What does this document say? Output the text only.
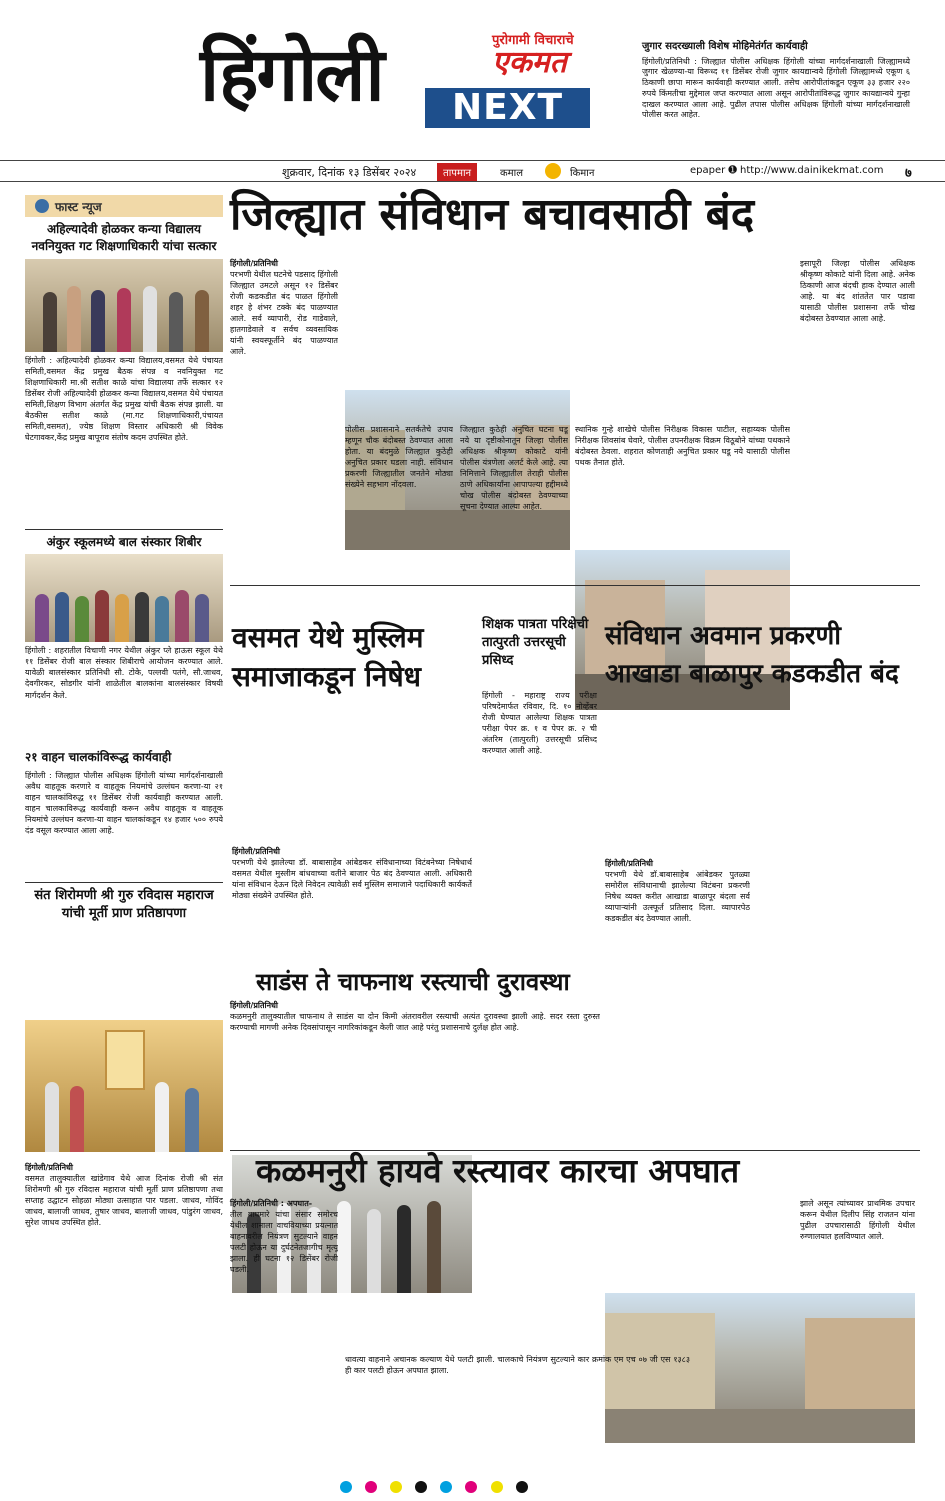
हिंगोली	पुरोगामी विचाराचे
एकमत
NEXT
जुगार सदरख्याली विशेष मोहिमेतंर्गत कार्यवाही

हिंगोली/प्रतिनिधी : जिल्ह्यात पोलीस अधिक्षक हिंगोली यांच्या मार्गदर्शनाखाली जिल्ह्यामध्ये जुगार खेळण्या-या विरूध्द ११ डिसेंबर रोजी जुगार कायद्यान्वये हिंगोली जिल्ह्यामध्ये एकूण ६ ठिकाणी छापा मारून कार्यवाही करण्यात आली. तसेच आरोपीतांकडून एकूण ३३ हजार २२० रुपये किंमतीचा मुद्देमाल जप्त करण्यात आला असून आरोपीतांविरूद्ध जुगार कायद्यान्वये गुन्हा दाखल करण्यात आला आहे. पुढील तपास पोलीस अधिक्षक हिंगोली यांच्या मार्गदर्शनाखाली पोलीस करत आहेत.

शुक्रवार, दिनांक १३ डिसेंबर २०२४	तापमान	कमाल	किमान	epaper ➊ http://www.dainikekmat.com ७
फास्ट न्यूज
अहिल्यादेवी होळकर कन्या विद्यालय नवनियुक्त गट शिक्षणाधिकारी यांचा सत्कार

हिंगोली : अहिल्यादेवी होळकर कन्या विद्यालय,वसमत येथे पंचायत समिती,वसमत केंद्र प्रमुख बैठक संपन्न व नवनियुक्त गट शिक्षणाधिकारी मा.श्री सतीश काळे यांचा विद्यालया तर्फे सत्कार १२ डिसेंबर रोजी अहिल्यादेवी होळकर कन्या विद्यालय,वसमत येथे पंचायत समिती,शिक्षण विभाग अंतर्गत केंद्र प्रमुख यांची बैठक संपन्न झाली. या बैठकीस सतीश काळे (मा.गट शिक्षणाधिकारी,पंचायत समिती,वसमत), ज्येष्ठ शिक्षण विस्तार अधिकारी श्री विवेक घेटगावकर,केंद्र प्रमुख बापूराव संतोष कदम उपस्थित होते.

अंकुर स्कूलमध्ये बाल संस्कार शिबीर

हिंगोली : शहरातील विचाणी नगर येथील अंकुर प्ले हाऊस स्कूल येथे ११ डिसेंबर रोजी बाल संस्कार शिबीराचे आयोजन करण्यात आले. यावेळी बालसंस्कार प्रतिनिधी सौ. टोके, पल्लवी पतंगे, सौ.जाधव, देवगीरकर, सोडगीर यांनी शाळेतील बालकांना बालसंस्कार विषयी मार्गदर्शन केले.

२१ वाहन चालकांविरूद्ध कार्यवाही

हिंगोली : जिल्ह्यात पोलीस अधिक्षक हिंगोली यांच्या मार्गदर्शनाखाली अवैध वाहतूक करणारे व वाहतूक नियमांचे उल्लंघन करणा-या २१ वाहन चालकांविरुद्ध ११ डिसेंबर रोजी कार्यवाही करण्यात आली. वाहन चालकाविरूद्ध कार्यवाही करून अवैध वाहतूक व वाहतूक नियमांचे उल्लंघन करणा-या वाहन चालकांकडून १४ हजार ५०० रुपये दंड वसूल करण्यात आला आहे.

संत शिरोमणी श्री गुरु रविदास महाराज यांची मूर्ती प्राण प्रतिष्ठापणा
हिंगोली/प्रतिनिधी

वसमत तालुक्यातील खांडेगाव येथे आज दिनांक रोजी श्री संत शिरोमणी श्री गुरु रविदास महाराज यांची मूर्ती प्राण प्रतिष्ठापणा तथा सप्ताह उद्घाटन सोहळा मोठ्या उत्साहात पार पडला. जाधव, गोविंद जाधव, बालाजी जाधव, तुषार जाधव, बालाजी जाधव, पांडुरंग जाधव, सुरेश जाधव उपस्थित होते.

जिल्ह्यात संविधान बचावसाठी बंद
हिंगोली/प्रतिनिधी

परभणी येथील घटनेचे पडसाद हिंगोली जिल्ह्यात उमटले असून १२ डिसेंबर रोजी कडकडीत बंद पाळत हिंगोली शहर हे शंभर टक्के बंद पाळण्यात आले. सर्व व्यापारी, रोड गाडेवाले, हातगाडेवाले व सर्वच व्यवसायिक यांनी स्वयस्फूर्तीने बंद पाळण्यात आले.

पोलीस प्रशासनाने सतर्कतेचे उपाय म्हणून चौक बंदोबस्त ठेवण्यात आला होता. या बंदमुळे जिल्ह्यात कुठेही अनुचित प्रकार घडला नाही. संविधान प्रकरणी जिल्ह्यातील जनतेने मोठ्या संख्येने सहभाग नोंदवला.

जिल्ह्यात कुठेही अनुचित घटना घडू नये या दृष्टीकोनातून जिल्हा पोलीस अधिक्षक श्रीकृष्ण कोकाटे यांनी पोलीस यंत्रणेला अलर्ट केले आहे. त्या निमित्ताने जिल्ह्यातील तेराही पोलीस ठाणे अधिकार्यांना आपापल्या हद्दीमध्ये चोख पोलीस बंदोबस्त ठेवण्याच्या सूचना देण्यात आल्या आहेत.

स्थानिक गुन्हे शाखेचे पोलीस निरीक्षक विकास पाटील, सहाय्यक पोलीस निरीक्षक शिवसांब घेवारे, पोलीस उपनरीक्षक विक्रम विठूबोने यांच्या पथकाने बंदोबस्त ठेवला. शहरात कोणताही अनुचित प्रकार घडू नये यासाठी पोलीस पथक तैनात होते.

इसापूरी जिल्हा पोलीस अधिक्षक श्रीकृष्ण कोकाटे यांनी दिला आहे. अनेक ठिकाणी आज बंदची हाक देण्यात आली आहे. या बंद शांततेत पार पडावा यासाठी पोलीस प्रशासना तर्फे चोख बंदोबस्त ठेवण्यात आला आहे.

वसमत येथे मुस्लिम समाजाकडून निषेध
हिंगोली/प्रतिनिधी

परभणी येथे झालेल्या डॉ. बाबासाहेब आंबेडकर संविधानाच्या विटंबनेच्या निषेधार्थ वसमत येथील मुस्लीम बांधवाच्या वतीने बाजार पेठ बंद ठेवण्यात आली. अधिकारी यांना संविधान देऊन दिले निवेदन त्यावेळी सर्व मुस्लिम समाजाने पदाधिकारी कार्यकर्ते मोठ्या संख्येने उपस्थित होते.

शिक्षक पात्रता परिक्षेची तात्पुरती उत्तरसूची प्रसिध्द

हिंगोली - महाराष्ट्र राज्य परीक्षा परिषदेमार्फत रविवार, दि. १० नोव्हेंबर रोजी घेण्यात आलेल्या शिक्षक पात्रता परीक्षा पेपर क्र. १ व पेपर क्र. २ ची अंतरिम (तात्पुरती) उत्तरसूची प्रसिध्द करण्यात आली आहे.

संविधान अवमान प्रकरणी आखाडा बाळापुर कडकडीत बंद
हिंगोली/प्रतिनिधी

परभणी येथे डॉ.बाबासाहेब आंबेडकर पुतळ्या समोरील संविधानाची झालेल्या विटंबना प्रकरणी निषेध व्यक्त करीत आखाडा बाळापूर बंदला सर्व व्यापाऱ्यांनी उत्स्फूर्त प्रतिसाद दिला. व्यापारपेठ कडकडीत बंद ठेवण्यात आली.

साडंस ते चाफनाथ रस्त्याची दुरावस्था
हिंगोली/प्रतिनिधी

कळमनुरी तालुक्यातील चाफनाथ ते साडंस या दोन किमी अंतरावरील रस्त्याची अत्यंत दुरावस्था झाली आहे. सदर रस्ता दुरुस्त करण्याची मागणी अनेक दिवसांपासून नागरिकांकडून केली जात आहे परंतु प्रशासनाचे दुर्लक्ष होत आहे.

कळमनुरी हायवे रस्त्यावर कारचा अपघात
हिंगोली/प्रतिनिधी : अपघात-

तील वाघमारे यांचा संसार समोरच येथील शानाला वाचवियाच्या प्रयत्नात बाहनावरील नियंत्रण सुटल्याने वाहन पलटी होऊन या दुर्घटनेतजागीच मृत्यू झाला. ही घटना १२ डिसेंबर रोजी घडली.

धावत्या वाहनाने अचानक कल्याण येथे पलटी झाली. चालकाचे नियंत्रण सुटल्याने कार क्रमांक एम एच ०७ जी एस १३८३ ही कार पलटी होऊन अपघात झाला.

झाले असून त्यांच्यावर प्राथमिक उपचार करून येथील दिलीप सिंह राजतन यांना पुढील उपचारासाठी हिंगोली येथील रुग्णालयात हलविण्यात आले.
